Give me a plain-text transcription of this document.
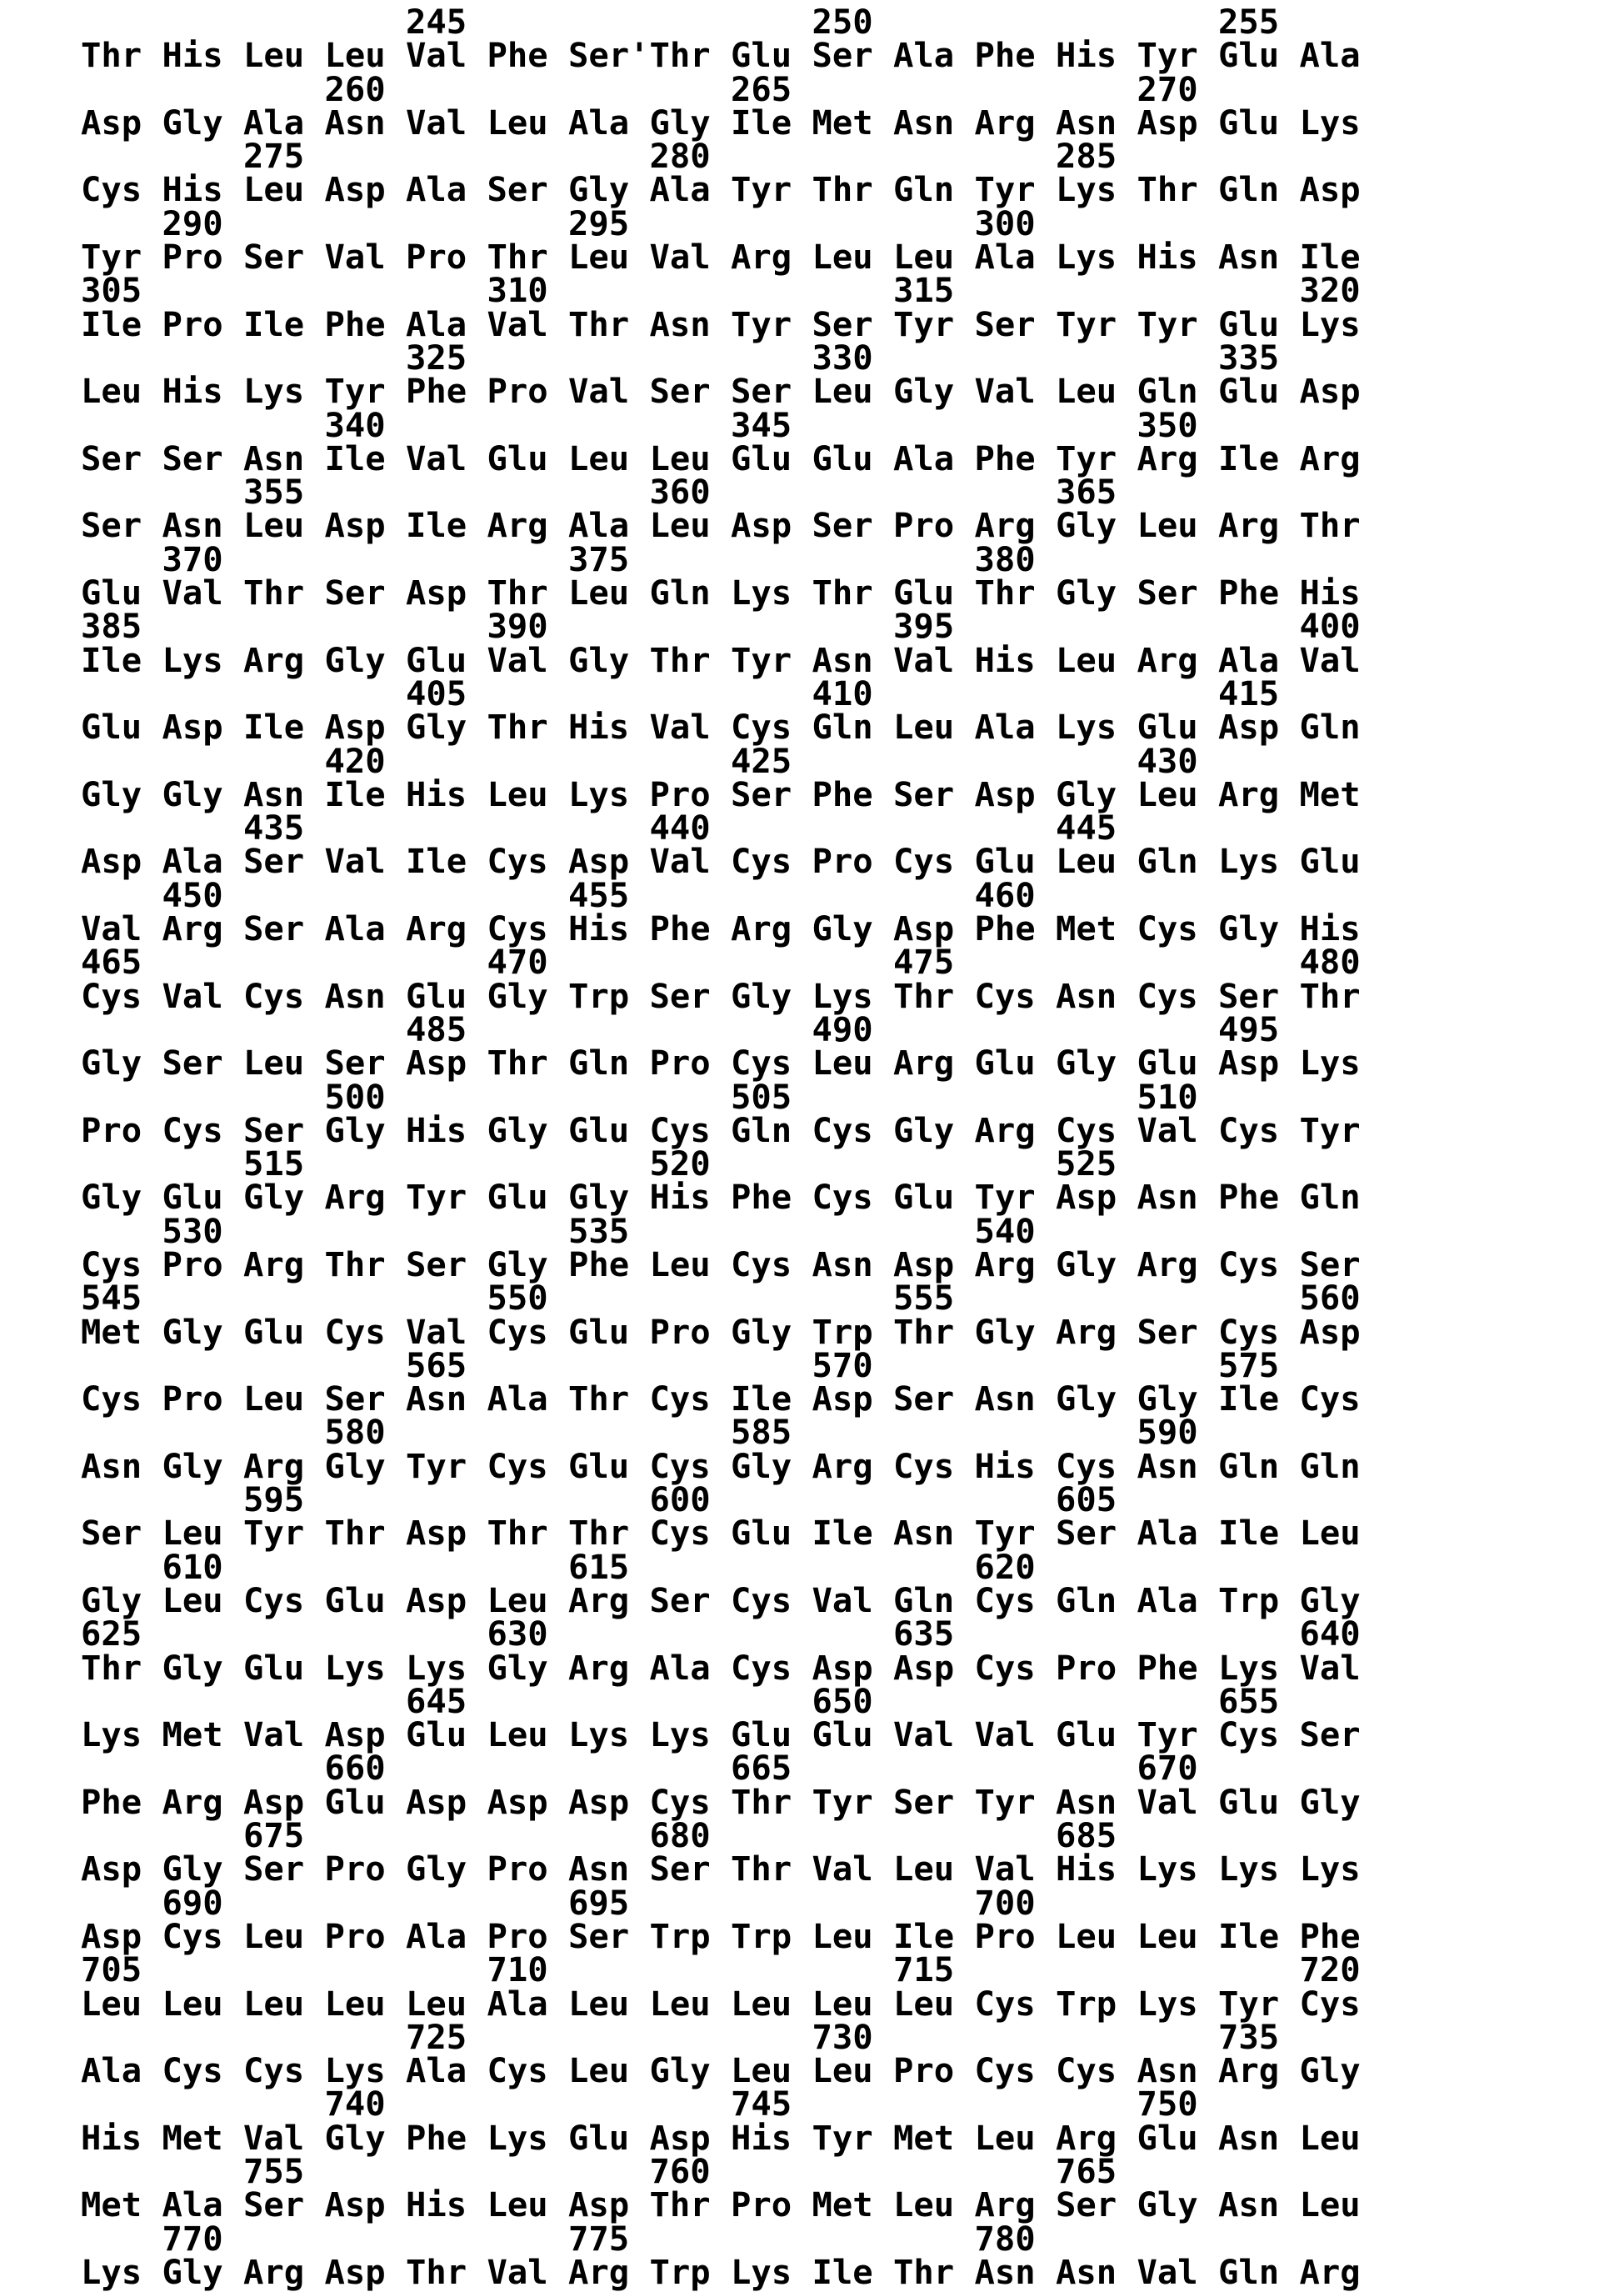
245	250	255
Thr His Leu Leu Val Phe Ser'Thr Glu Ser Ala Phe His Tyr Glu Ala
260	265	270
Asp Gly Ala Asn Val Leu Ala Gly Ile Met Asn Arg Asn Asp Glu Lys
275	280	285
Cys His Leu Asp Ala Ser Gly Ala Tyr Thr Gln Tyr Lys Thr Gln Asp
290	295	300
Tyr Pro Ser Val Pro Thr Leu Val Arg Leu Leu Ala Lys His Asn Ile
305	310	315	320
Ile Pro Ile Phe Ala Val Thr Asn Tyr Ser Tyr Ser Tyr Tyr Glu Lys
325	330	335
Leu His Lys Tyr Phe Pro Val Ser Ser Leu Gly Val Leu Gln Glu Asp
340	345	350
Ser Ser Asn Ile Val Glu Leu Leu Glu Glu Ala Phe Tyr Arg Ile Arg
355	360	365
Ser Asn Leu Asp Ile Arg Ala Leu Asp Ser Pro Arg Gly Leu Arg Thr
370	375	380
Glu Val Thr Ser Asp Thr Leu Gln Lys Thr Glu Thr Gly Ser Phe His
385	390	395	400
Ile Lys Arg Gly Glu Val Gly Thr Tyr Asn Val His Leu Arg Ala Val
405	410	415
Glu Asp Ile Asp Gly Thr His Val Cys Gln Leu Ala Lys Glu Asp Gln
420	425	430
Gly Gly Asn Ile His Leu Lys Pro Ser Phe Ser Asp Gly Leu Arg Met
435	440	445
Asp Ala Ser Val Ile Cys Asp Val Cys Pro Cys Glu Leu Gln Lys Glu
450	455	460
Val Arg Ser Ala Arg Cys His Phe Arg Gly Asp Phe Met Cys Gly His
465	470	475	480
Cys Val Cys Asn Glu Gly Trp Ser Gly Lys Thr Cys Asn Cys Ser Thr
485	490	495
Gly Ser Leu Ser Asp Thr Gln Pro Cys Leu Arg Glu Gly Glu Asp Lys
500	505	510
Pro Cys Ser Gly His Gly Glu Cys Gln Cys Gly Arg Cys Val Cys Tyr
515	520	525
Gly Glu Gly Arg Tyr Glu Gly His Phe Cys Glu Tyr Asp Asn Phe Gln
530	535	540
Cys Pro Arg Thr Ser Gly Phe Leu Cys Asn Asp Arg Gly Arg Cys Ser
545	550	555	560
Met Gly Glu Cys Val Cys Glu Pro Gly Trp Thr Gly Arg Ser Cys Asp
565	570	575
Cys Pro Leu Ser Asn Ala Thr Cys Ile Asp Ser Asn Gly Gly Ile Cys
580	585	590
Asn Gly Arg Gly Tyr Cys Glu Cys Gly Arg Cys His Cys Asn Gln Gln
595	600	605
Ser Leu Tyr Thr Asp Thr Thr Cys Glu Ile Asn Tyr Ser Ala Ile Leu
610	615	620
Gly Leu Cys Glu Asp Leu Arg Ser Cys Val Gln Cys Gln Ala Trp Gly
625	630	635	640
Thr Gly Glu Lys Lys Gly Arg Ala Cys Asp Asp Cys Pro Phe Lys Val
645	650	655
Lys Met Val Asp Glu Leu Lys Lys Glu Glu Val Val Glu Tyr Cys Ser
660	665	670
Phe Arg Asp Glu Asp Asp Asp Cys Thr Tyr Ser Tyr Asn Val Glu Gly
675	680	685
Asp Gly Ser Pro Gly Pro Asn Ser Thr Val Leu Val His Lys Lys Lys
690	695	700
Asp Cys Leu Pro Ala Pro Ser Trp Trp Leu Ile Pro Leu Leu Ile Phe
705	710	715	720
Leu Leu Leu Leu Leu Ala Leu Leu Leu Leu Leu Cys Trp Lys Tyr Cys
725	730	735
Ala Cys Cys Lys Ala Cys Leu Gly Leu Leu Pro Cys Cys Asn Arg Gly
740	745	750
His Met Val Gly Phe Lys Glu Asp His Tyr Met Leu Arg Glu Asn Leu
755	760	765
Met Ala Ser Asp His Leu Asp Thr Pro Met Leu Arg Ser Gly Asn Leu
770	775	780
Lys Gly Arg Asp Thr Val Arg Trp Lys Ile Thr Asn Asn Val Gln Arg
